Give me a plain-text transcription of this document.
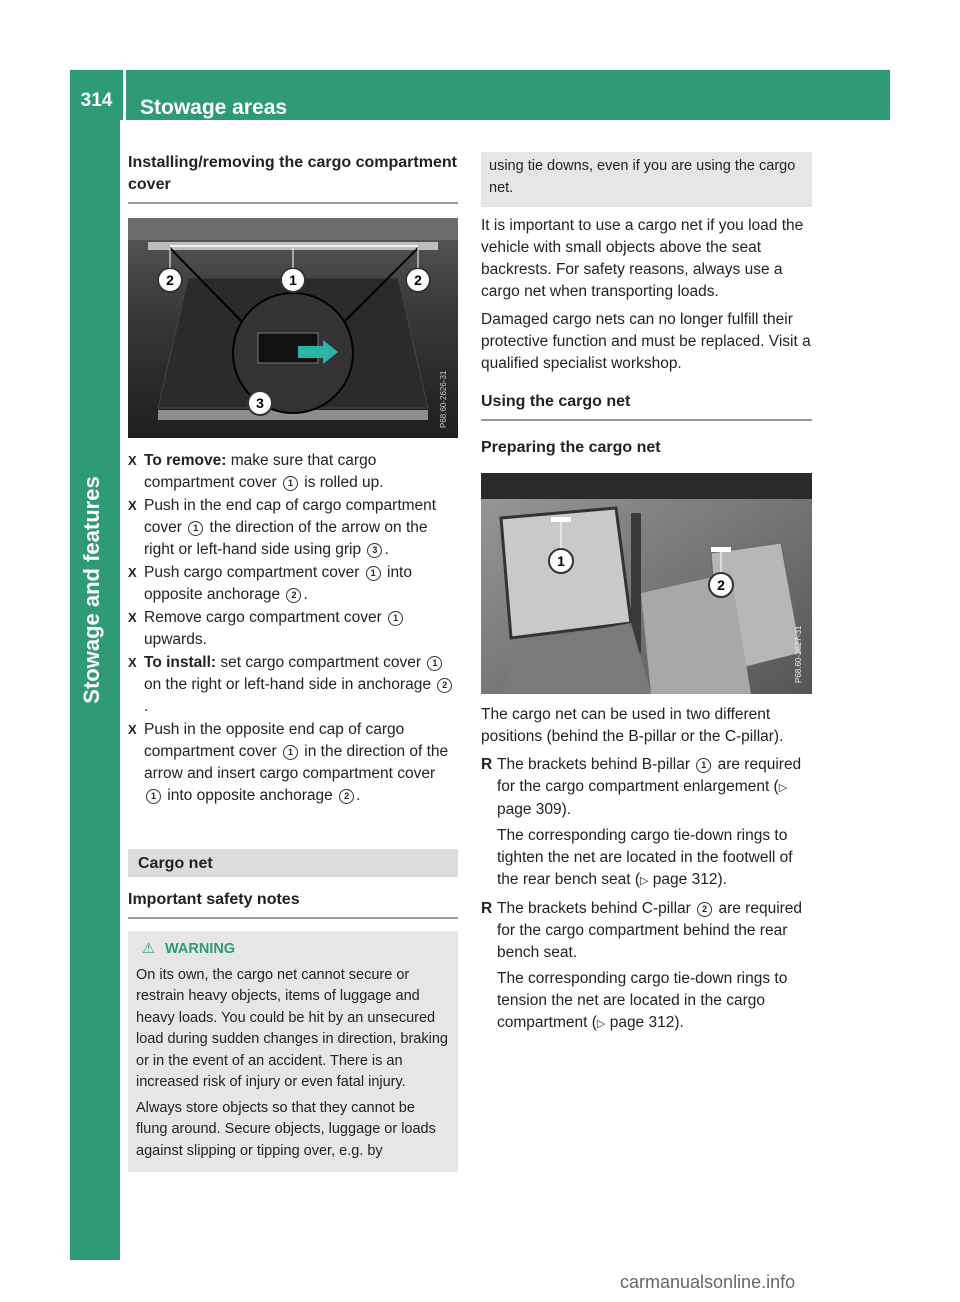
314	Stowage areas
Stowage and features
Installing/removing the cargo compartment cover
2	1	2
3	P68.60-2626-31
X To remove: make sure that cargo compartment cover 1 is rolled up.
X Push in the end cap of cargo compartment cover 1 the direction of the arrow on the right or left-hand side using grip 3 .
X Push cargo compartment cover 1 into opposite anchorage 2 .
X Remove cargo compartment cover 1 upwards.
X To install: set cargo compartment cover 1 on the right or left-hand side in anchorage 2.
X Push in the opposite end cap of cargo compartment cover 1 in the direction of the arrow and insert cargo compartment cover 1 into opposite anchorage 2 .
Cargo net
Important safety notes
⚠ WARNING

On its own, the cargo net cannot secure or restrain heavy objects, items of luggage and heavy loads. You could be hit by an unsecured load during sudden changes in direction, braking or in the event of an accident. There is an increased risk of injury or even fatal injury.

Always store objects so that they cannot be flung around. Secure objects, luggage or loads against slipping or tipping over, e.g. by

using tie downs, even if you are using the cargo net.

It is important to use a cargo net if you load the vehicle with small objects above the seat backrests. For safety reasons, always use a cargo net when transporting loads.

Damaged cargo nets can no longer fulfill their protective function and must be replaced. Visit a qualified specialist workshop.

Using the cargo net
Preparing the cargo net
1
2
P68.60-2627-31

The cargo net can be used in two different positions (behind the B-pillar or the C-pillar).

R The brackets behind B-pillar 1 are required for the cargo compartment enlargement (▷ page 309).

The corresponding cargo tie-down rings to tighten the net are located in the footwell of the rear bench seat (▷ page 312).

R The brackets behind C-pillar 2 are required for the cargo compartment behind the rear bench seat.

The corresponding cargo tie-down rings to tension the net are located in the cargo compartment (▷ page 312).

carmanualsonline.info
